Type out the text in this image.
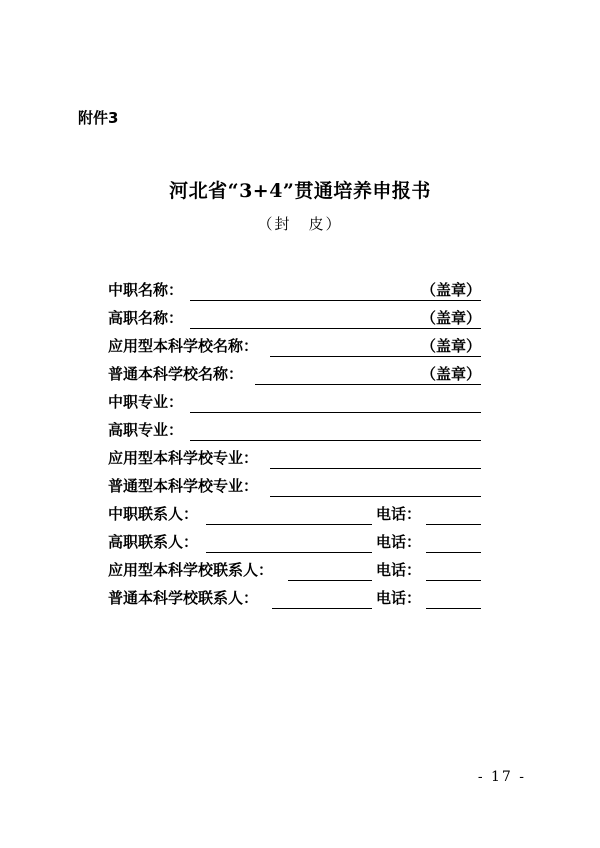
附件3
河北省“3+4”贯通培养申报书
（封　皮）
中职名称：	（盖章）
高职名称：	（盖章）
应用型本科学校名称：	（盖章）
普通本科学校名称：	（盖章）
中职专业：
高职专业：
应用型本科学校专业：
普通型本科学校专业：
中职联系人：	电话：
高职联系人：	电话：
应用型本科学校联系人：	电话：
普通本科学校联系人：	电话：
- 17 -
